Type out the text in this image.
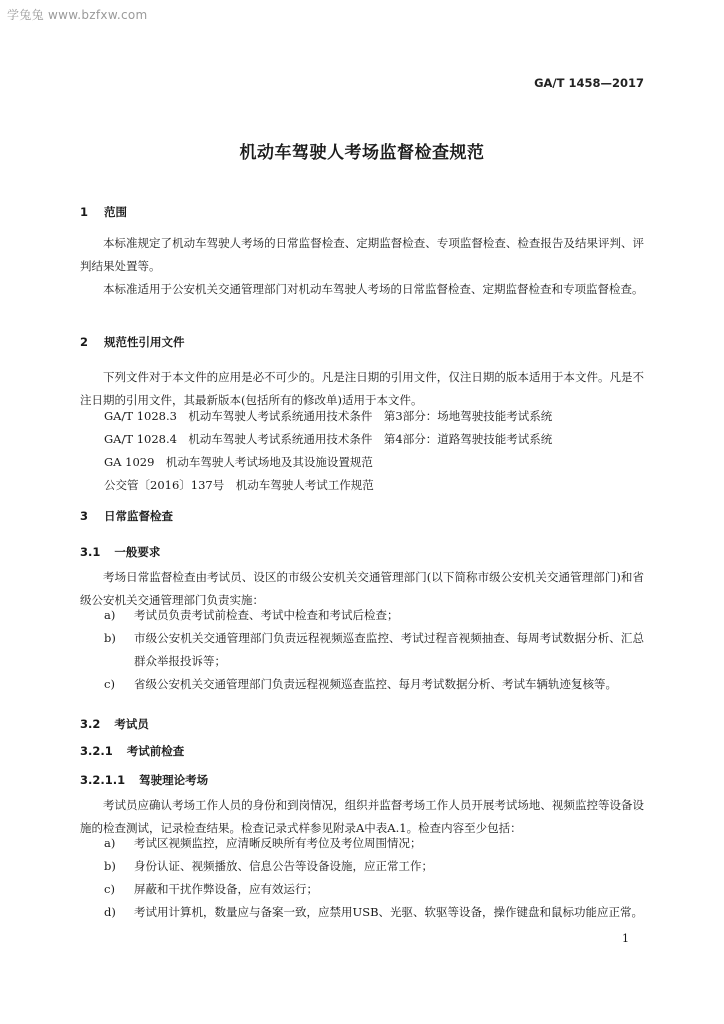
学兔兔 www.bzfxw.com
GA/T 1458—2017
机动车驾驶人考场监督检查规范
1 范围
本标准规定了机动车驾驶人考场的日常监督检查、定期监督检查、专项监督检查、检查报告及结果评判、评判结果处置等。
本标准适用于公安机关交通管理部门对机动车驾驶人考场的日常监督检查、定期监督检查和专项监督检查。
2 规范性引用文件
下列文件对于本文件的应用是必不可少的。凡是注日期的引用文件，仅注日期的版本适用于本文件。凡是不注日期的引用文件，其最新版本(包括所有的修改单)适用于本文件。
GA/T 1028.3　机动车驾驶人考试系统通用技术条件　第3部分：场地驾驶技能考试系统
GA/T 1028.4　机动车驾驶人考试系统通用技术条件　第4部分：道路驾驶技能考试系统
GA 1029　机动车驾驶人考试场地及其设施设置规范
公交管〔2016〕137号　机动车驾驶人考试工作规范
3 日常监督检查
3.1 一般要求
考场日常监督检查由考试员、设区的市级公安机关交通管理部门(以下简称市级公安机关交通管理部门)和省级公安机关交通管理部门负责实施：
a) 考试员负责考试前检查、考试中检查和考试后检查；
b) 市级公安机关交通管理部门负责远程视频巡查监控、考试过程音视频抽查、每周考试数据分析、汇总群众举报投诉等；
c) 省级公安机关交通管理部门负责远程视频巡查监控、每月考试数据分析、考试车辆轨迹复核等。
3.2 考试员
3.2.1 考试前检查
3.2.1.1 驾驶理论考场
考试员应确认考场工作人员的身份和到岗情况，组织并监督考场工作人员开展考试场地、视频监控等设备设施的检查测试，记录检查结果。检查记录式样参见附录A中表A.1。检查内容至少包括：
a) 考试区视频监控，应清晰反映所有考位及考位周围情况；
b) 身份认证、视频播放、信息公告等设备设施，应正常工作；
c) 屏蔽和干扰作弊设备，应有效运行；
d) 考试用计算机，数量应与备案一致，应禁用USB、光驱、软驱等设备，操作键盘和鼠标功能应正常。
1
